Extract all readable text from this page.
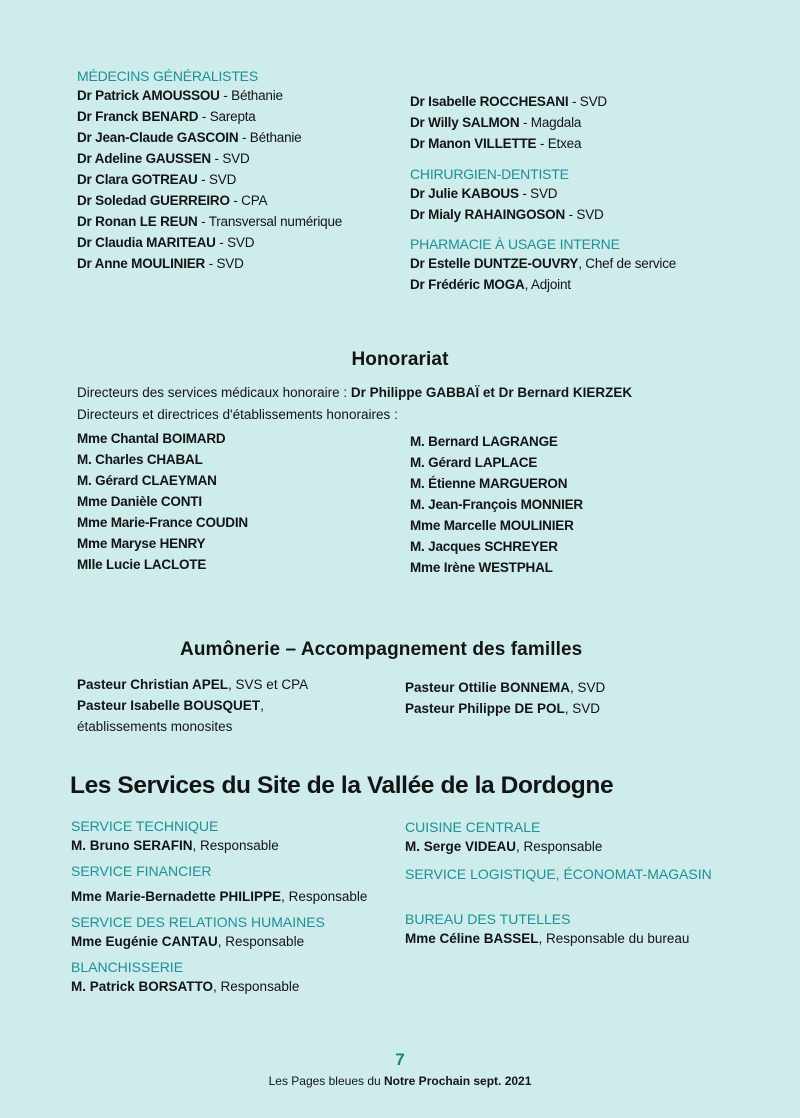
MÉDECINS GÉNÉRALISTES
Dr Patrick AMOUSSOU - Béthanie
Dr Franck BENARD - Sarepta
Dr Jean-Claude GASCOIN - Béthanie
Dr Adeline GAUSSEN - SVD
Dr Clara GOTREAU - SVD
Dr Soledad GUERREIRO - CPA
Dr Ronan LE REUN - Transversal numérique
Dr Claudia MARITEAU - SVD
Dr Anne MOULINIER - SVD
Dr Isabelle ROCCHESANI - SVD
Dr Willy SALMON - Magdala
Dr Manon VILLETTE - Etxea
CHIRURGIEN-DENTISTE
Dr Julie KABOUS - SVD
Dr Mialy RAHAINGOSON - SVD
PHARMACIE À USAGE INTERNE
Dr Estelle DUNTZE-OUVRY, Chef de service
Dr Frédéric MOGA, Adjoint
Honorariat
Directeurs des services médicaux honoraire : Dr Philippe GABBAÏ et Dr Bernard KIERZEK
Directeurs et directrices d'établissements honoraires :
Mme Chantal BOIMARD
M. Charles CHABAL
M. Gérard CLAEYMAN
Mme Danièle CONTI
Mme Marie-France COUDIN
Mme Maryse HENRY
Mlle Lucie LACLOTE
M. Bernard LAGRANGE
M. Gérard LAPLACE
M. Étienne MARGUERON
M. Jean-François MONNIER
Mme Marcelle MOULINIER
M. Jacques SCHREYER
Mme Irène WESTPHAL
Aumônerie – Accompagnement des familles
Pasteur Christian APEL, SVS et CPA
Pasteur Isabelle BOUSQUET,
établissements monosites
Pasteur Ottilie BONNEMA, SVD
Pasteur Philippe DE POL, SVD
Les Services du Site de la Vallée de la Dordogne
SERVICE TECHNIQUE
M. Bruno SERAFIN, Responsable
SERVICE FINANCIER
Mme Marie-Bernadette PHILIPPE, Responsable
SERVICE DES RELATIONS HUMAINES
Mme Eugénie CANTAU, Responsable
BLANCHISSERIE
M. Patrick BORSATTO, Responsable
CUISINE CENTRALE
M. Serge VIDEAU, Responsable
SERVICE LOGISTIQUE, ÉCONOMAT-MAGASIN
BUREAU DES TUTELLES
Mme Céline BASSEL, Responsable du bureau
7
Les Pages bleues du Notre Prochain sept. 2021
